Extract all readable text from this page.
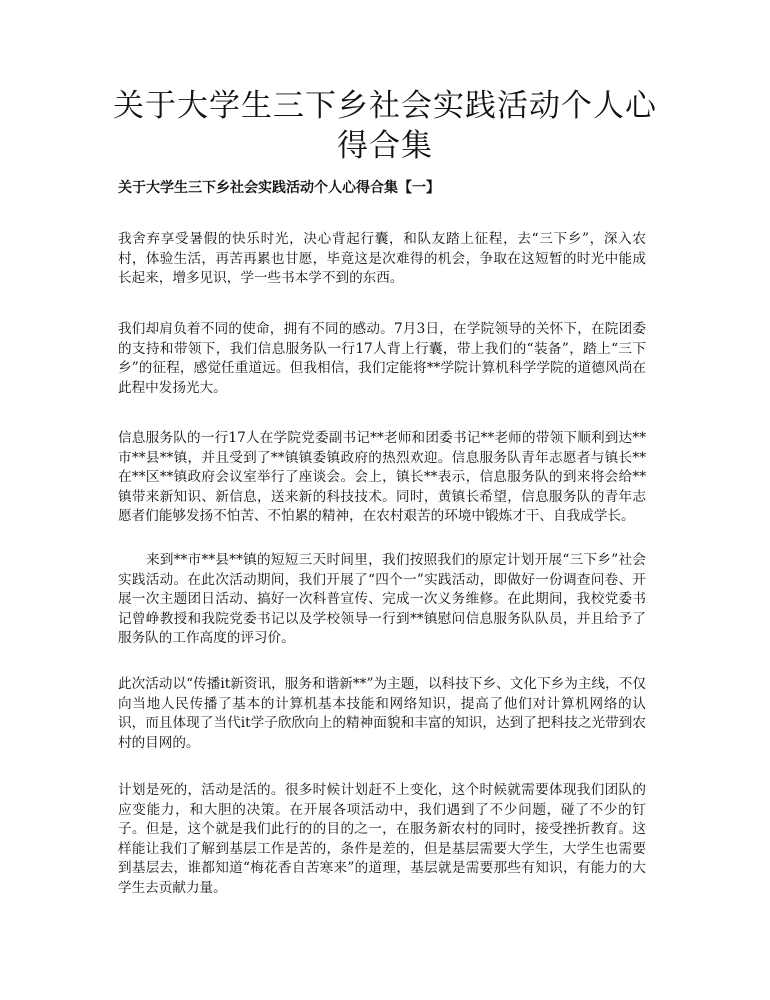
关于大学生三下乡社会实践活动个人心得合集

关于大学生三下乡社会实践活动个人心得合集【一】

我舍弃享受暑假的快乐时光，决心背起行囊，和队友踏上征程，去“三下乡”，深入农村，体验生活，再苦再累也甘愿，毕竟这是次难得的机会，争取在这短暂的时光中能成长起来，增多见识，学一些书本学不到的东西。

我们却肩负着不同的使命，拥有不同的感动。7月3日，在学院领导的关怀下，在院团委的支持和带领下，我们信息服务队一行17人背上行囊，带上我们的“装备”，踏上“三下乡”的征程，感觉任重道远。但我相信，我们定能将**学院计算机科学学院的道德风尚在此程中发扬光大。

信息服务队的一行17人在学院党委副书记**老师和团委书记**老师的带领下顺利到达**市**县**镇，并且受到了**镇镇委镇政府的热烈欢迎。信息服务队青年志愿者与镇长**在**区**镇政府会议室举行了座谈会。会上，镇长**表示，信息服务队的到来将会给**镇带来新知识、新信息，送来新的科技技术。同时，黄镇长希望，信息服务队的青年志愿者们能够发扬不怕苦、不怕累的精神，在农村艰苦的环境中锻炼才干、自我成学长。

来到**市**县**镇的短短三天时间里，我们按照我们的原定计划开展“三下乡”社会实践活动。在此次活动期间，我们开展了“四个一”实践活动，即做好一份调查问卷、开展一次主题团日活动、搞好一次科普宣传、完成一次义务维修。在此期间，我校党委书记曾峥教授和我院党委书记以及学校领导一行到**镇慰问信息服务队队员，并且给予了服务队的工作高度的评习价。

此次活动以“传播it新资讯，服务和谐新**”为主题，以科技下乡、文化下乡为主线，不仅向当地人民传播了基本的计算机基本技能和网络知识，提高了他们对计算机网络的认识，而且体现了当代it学子欣欣向上的精神面貌和丰富的知识，达到了把科技之光带到农村的目网的。

计划是死的，活动是活的。很多时候计划赶不上变化，这个时候就需要体现我们团队的应变能力，和大胆的决策。在开展各项活动中，我们遇到了不少问题，碰了不少的钉子。但是，这个就是我们此行的的目的之一，在服务新农村的同时，接受挫折教育。这样能让我们了解到基层工作是苦的，条件是差的，但是基层需要大学生，大学生也需要到基层去，谁都知道“梅花香自苦寒来”的道理，基层就是需要那些有知识，有能力的大学生去贡献力量。
